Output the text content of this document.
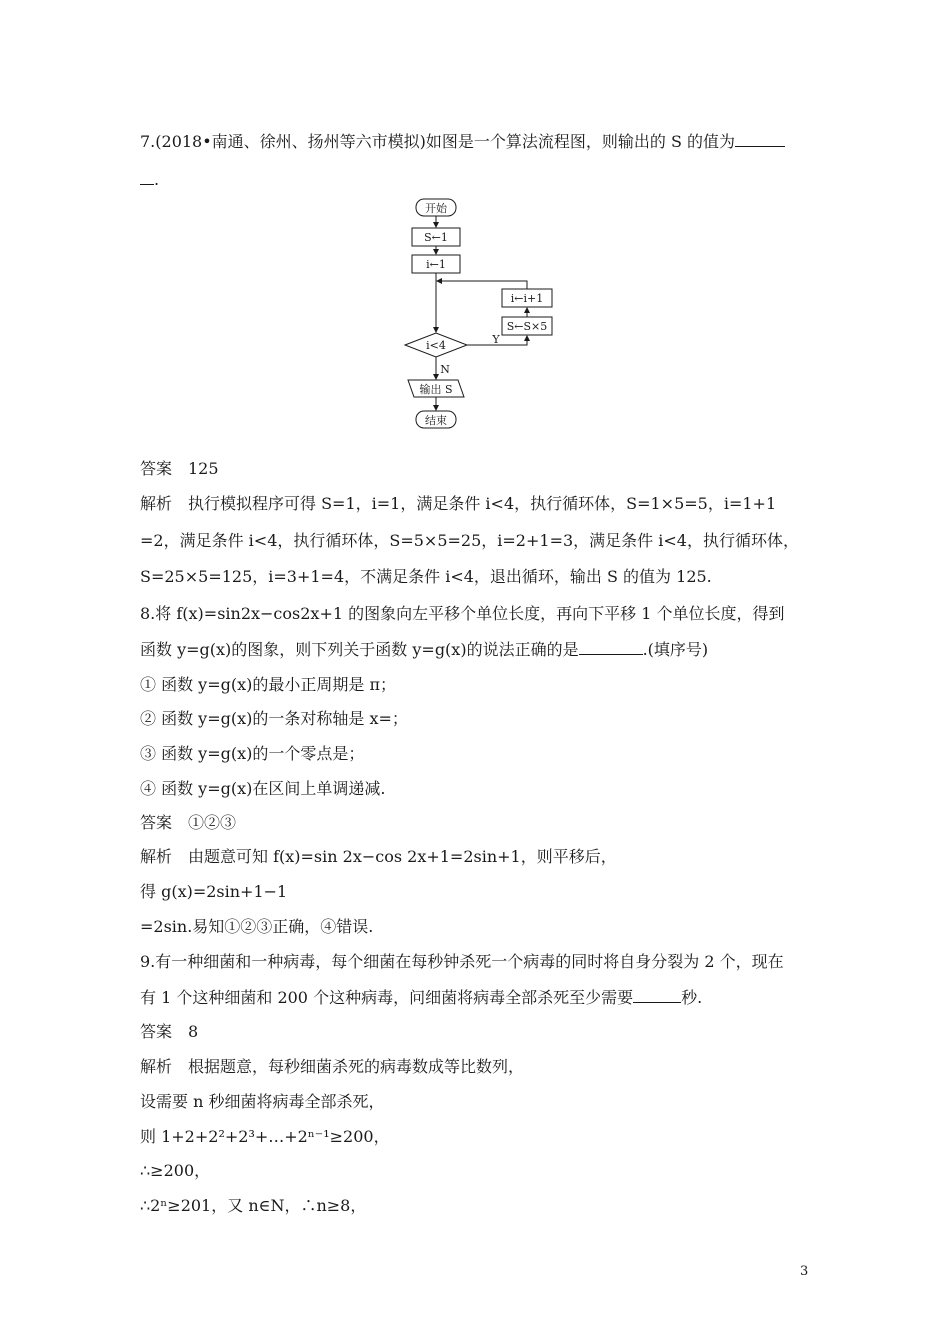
7.(2018•南通、徐州、扬州等六市模拟)如图是一个算法流程图，则输出的 S 的值为
.
开始
S←1
i←1
i←i+1
S←S×5
i<4	Y
N
输出 S
结束
答案　125
解析　执行模拟程序可得 S=1，i=1，满足条件 i<4，执行循环体，S=1×5=5，i=1+1
=2，满足条件 i<4，执行循环体，S=5×5=25，i=2+1=3，满足条件 i<4，执行循环体，
S=25×5=125，i=3+1=4，不满足条件 i<4，退出循环，输出 S 的值为 125.
8.将 f(x)=sin2x−cos2x+1 的图象向左平移个单位长度，再向下平移 1 个单位长度，得到
函数 y=g(x)的图象，则下列关于函数 y=g(x)的说法正确的是	.(填序号)
① 函数 y=g(x)的最小正周期是 π；
② 函数 y=g(x)的一条对称轴是 x=；
③ 函数 y=g(x)的一个零点是；
④ 函数 y=g(x)在区间上单调递减.
答案　①②③
解析　由题意可知 f(x)=sin 2x−cos 2x+1=2sin+1，则平移后，
得 g(x)=2sin+1−1
=2sin.易知①②③正确，④错误.
9.有一种细菌和一种病毒，每个细菌在每秒钟杀死一个病毒的同时将自身分裂为 2 个，现在
有 1 个这种细菌和 200 个这种病毒，问细菌将病毒全部杀死至少需要	秒.
答案　8
解析　根据题意，每秒细菌杀死的病毒数成等比数列，
设需要 n 秒细菌将病毒全部杀死，
则 1+2+2²+2³+…+2ⁿ⁻¹≥200，
∴≥200，
∴2ⁿ≥201，又 n∈N，∴n≥8，
3
